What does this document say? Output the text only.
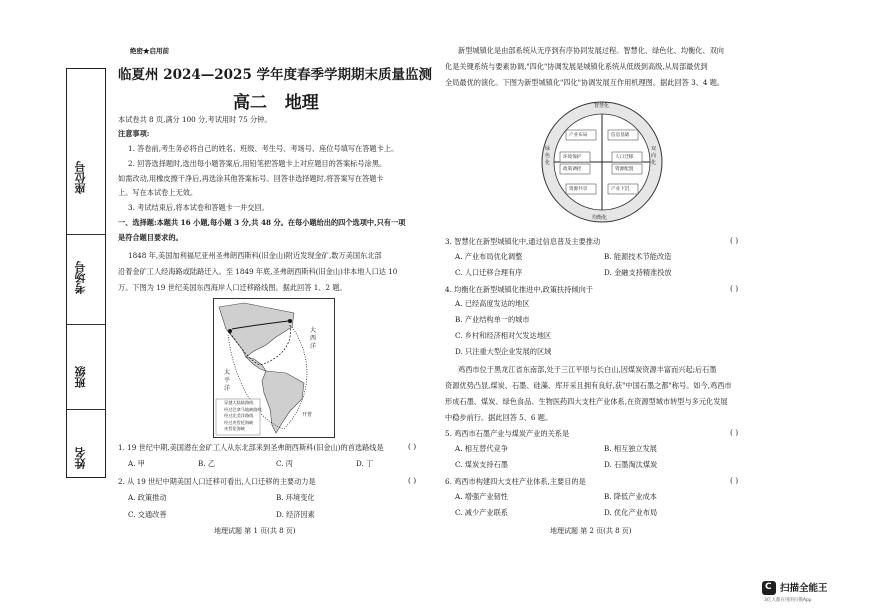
座位号
考场号
班级
姓名
绝密★启用前
临夏州 2024—2025 学年度春季学期期末质量监测
高二   地理
本试卷共 8 页,满分 100 分,考试用时 75 分钟。
注意事项:
1. 答卷前,考生务必将自己的姓名、班级、考生号、考场号、座位号填写在答题卡上。
2. 回答选择题时,选出每小题答案后,用铅笔把答题卡上对应题目的答案标号涂黑。
如需改动,用橡皮擦干净后,再选涂其他答案标号。回答非选择题时,将答案写在答题卡
上。写在本试卷上无效。
3. 考试结束后,将本试卷和答题卡一并交回。
一、选择题:本题共 16 小题,每小题 3 分,共 48 分。在每小题给出的四个选项中,只有一项
是符合题目要求的。
1848 年,美国加利福尼亚州圣弗朗西斯科(旧金山)附近发现金矿,数万美国东北部
沿着金矿工人经海路或陆路迁入。至 1849 年底,圣弗朗西斯科(旧金山)非本地人口达 10
万。下图为 19 世纪美国东西海岸人口迁移路线图。据此回答 1、2 题。
太平洋
大西洋
开普
穿越大陆陆路线
经过巴拿马地峡路线
经过北美洋路线
经过麦哲伦海峡
麦哲伦海峡
1. 19 世纪中期,美国潜在金矿工人从东北部来到圣弗朗西斯科(旧金山)的首选路线是	( )
A. 甲	B. 乙	C. 丙	D. 丁
2. 从 19 世纪中期美国人口迁移可看出,人口迁移的主要动力是	( )
A. 政策推动	B. 环境变化
C. 交通改善	D. 经济因素
地理试题 第 1 页(共 8 页)
新型城镇化是由部系统从无序到有序协同发展过程。智慧化、绿色化、均衡化、双向
化是关键系统与要素协调,"四化"协调发展是城镇化系统从低级到高级,从局部最优到
全局最优的演化。下图为新型城镇化"四化"协调发展互作用机理图。据此回答 3、4 题。
智慧化
双向化
均衡化
绿色化
产业布局	信息基础
环境保护	人口迁移
政策调控	资源配置
资源共享	产业下沉
3. 智慧化在新型城镇化中,通过信息普及主要推动	( )
A. 产业布局优化调整	B. 能源技术节能改造
C. 人口迁移合理有序	D. 金融支持精准投放
4. 均衡化在新型城镇化推进中,政策扶持倾向于	( )
A. 已经高度发达的地区
B. 产业结构单一的城市
C. 乡村和经济相对欠发达地区
D. 只注重大型企业发展的区域
鸡西市位于黑龙江省东南部,处于三江平原与长白山,因煤炭资源丰富而兴起;后石墨
资源优势凸显,煤炭、石墨、硅藻、库开采且拥有良好,获"中国石墨之都"称号。如今,鸡西市
形成石墨、煤炭、绿色食品、生物医药四大支柱产业体系,在资源型城市转型与多元化发展
中稳步前行。据此回答 5、6 题。
5. 鸡西市石墨产业与煤炭产业的关系是	( )
A. 相互替代竞争	B. 相互独立发展
C. 煤炭支持石墨	D. 石墨淘汰煤炭
6. 鸡西市构建四大支柱产业体系,主要目的是	( )
A. 增强产业韧性	B. 降低产业成本
C. 减少产业联系	D. 优化产业布局
地理试题 第 2 页(共 8 页)
C 扫描全能王
3亿人都在用的扫描App
